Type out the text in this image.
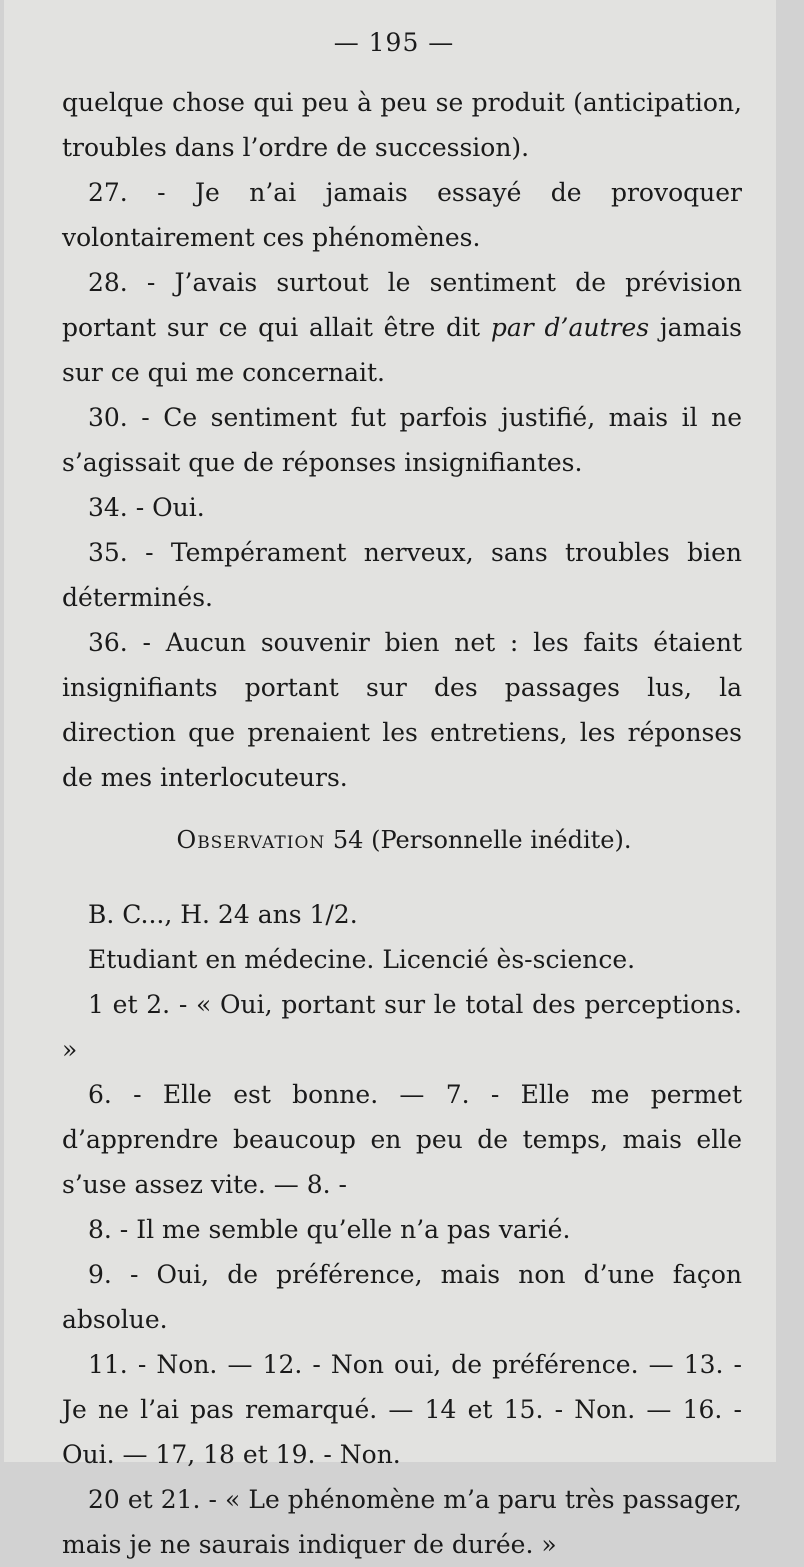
— 195 —

quelque chose qui peu à peu se produit (anticipation, troubles dans l’ordre de succession).

27. - Je n’ai jamais essayé de provoquer volontairement ces phénomènes.

28. - J’avais surtout le sentiment de prévision portant sur ce qui allait être dit par d’autres jamais sur ce qui me concernait.

30. - Ce sentiment fut parfois justifié, mais il ne s’agissait que de réponses insignifiantes.

34. - Oui.

35. - Tempérament nerveux, sans troubles bien déterminés.

36. - Aucun souvenir bien net : les faits étaient insignifiants portant sur des passages lus, la direction que prenaient les entretiens, les réponses de mes interlocuteurs.

Observation 54 (Personnelle inédite).

B. C..., H. 24 ans 1/2.

Etudiant en médecine. Licencié ès-science.

1 et 2. - « Oui, portant sur le total des perceptions. »

6. - Elle est bonne. — 7. - Elle me permet d’apprendre beaucoup en peu de temps, mais elle s’use assez vite. — 8. -

8. - Il me semble qu’elle n’a pas varié.

9. - Oui, de préférence, mais non d’une façon absolue.

11. - Non. — 12. - Non oui, de préférence. — 13. - Je ne l’ai pas remarqué. — 14 et 15. - Non. — 16. - Oui. — 17, 18 et 19. - Non.

20 et 21. - « Le phénomène m’a paru très passager, mais je ne saurais indiquer de durée. »
